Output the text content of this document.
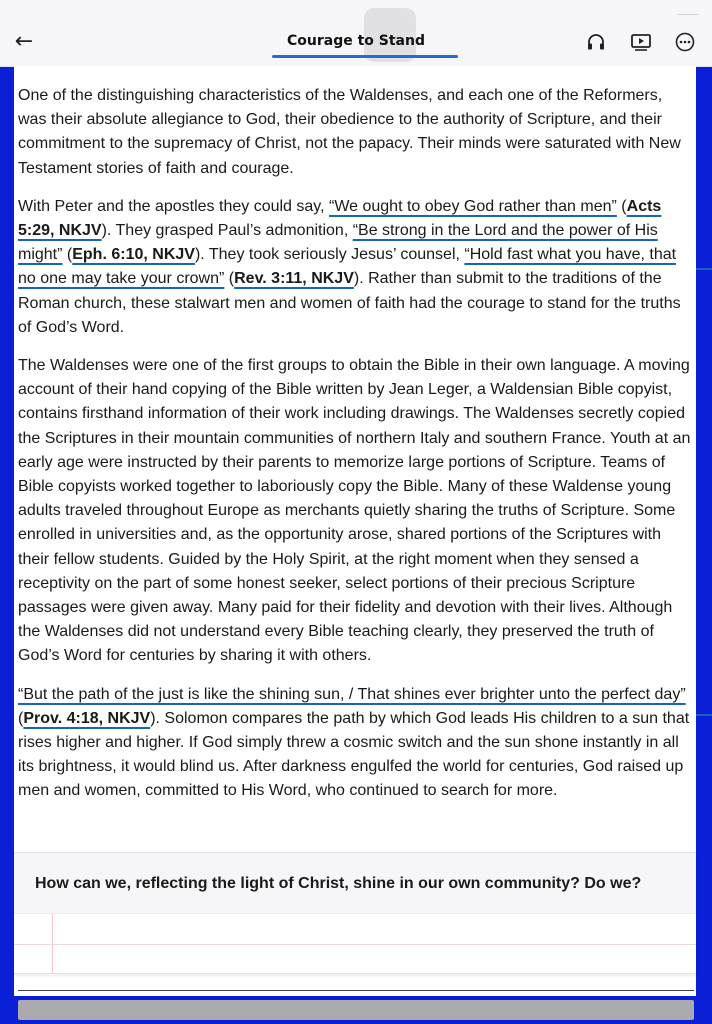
←	Courage to Stand

One of the distinguishing characteristics of the Waldenses, and each one of the Reformers, was their absolute allegiance to God, their obedience to the authority of Scripture, and their commitment to the supremacy of Christ, not the papacy. Their minds were saturated with New Testament stories of faith and courage.

With Peter and the apostles they could say, “We ought to obey God rather than men” (Acts 5:29, NKJV). They grasped Paul’s admonition, “Be strong in the Lord and the power of His might” (Eph. 6:10, NKJV). They took seriously Jesus’ counsel, “Hold fast what you have, that no one may take your crown” (Rev. 3:11, NKJV). Rather than submit to the traditions of the Roman church, these stalwart men and women of faith had the courage to stand for the truths of God’s Word.

The Waldenses were one of the first groups to obtain the Bible in their own language. A moving account of their hand copying of the Bible written by Jean Leger, a Waldensian Bible copyist, contains firsthand information of their work including drawings. The Waldenses secretly copied the Scriptures in their mountain communities of northern Italy and southern France. Youth at an early age were instructed by their parents to memorize large portions of Scripture. Teams of Bible copyists worked together to laboriously copy the Bible. Many of these Waldense young adults traveled throughout Europe as merchants quietly sharing the truths of Scripture. Some enrolled in universities and, as the opportunity arose, shared portions of the Scriptures with their fellow students. Guided by the Holy Spirit, at the right moment when they sensed a receptivity on the part of some honest seeker, select portions of their precious Scripture passages were given away. Many paid for their fidelity and devotion with their lives. Although the Waldenses did not understand every Bible teaching clearly, they preserved the truth of God’s Word for centuries by sharing it with others.

“But the path of the just is like the shining sun, / That shines ever brighter unto the perfect day” (Prov. 4:18, NKJV). Solomon compares the path by which God leads His children to a sun that rises higher and higher. If God simply threw a cosmic switch and the sun shone instantly in all its brightness, it would blind us. After darkness engulfed the world for centuries, God raised up men and women, committed to His Word, who continued to search for more.

How can we, reflecting the light of Christ, shine in our own community? Do we?
